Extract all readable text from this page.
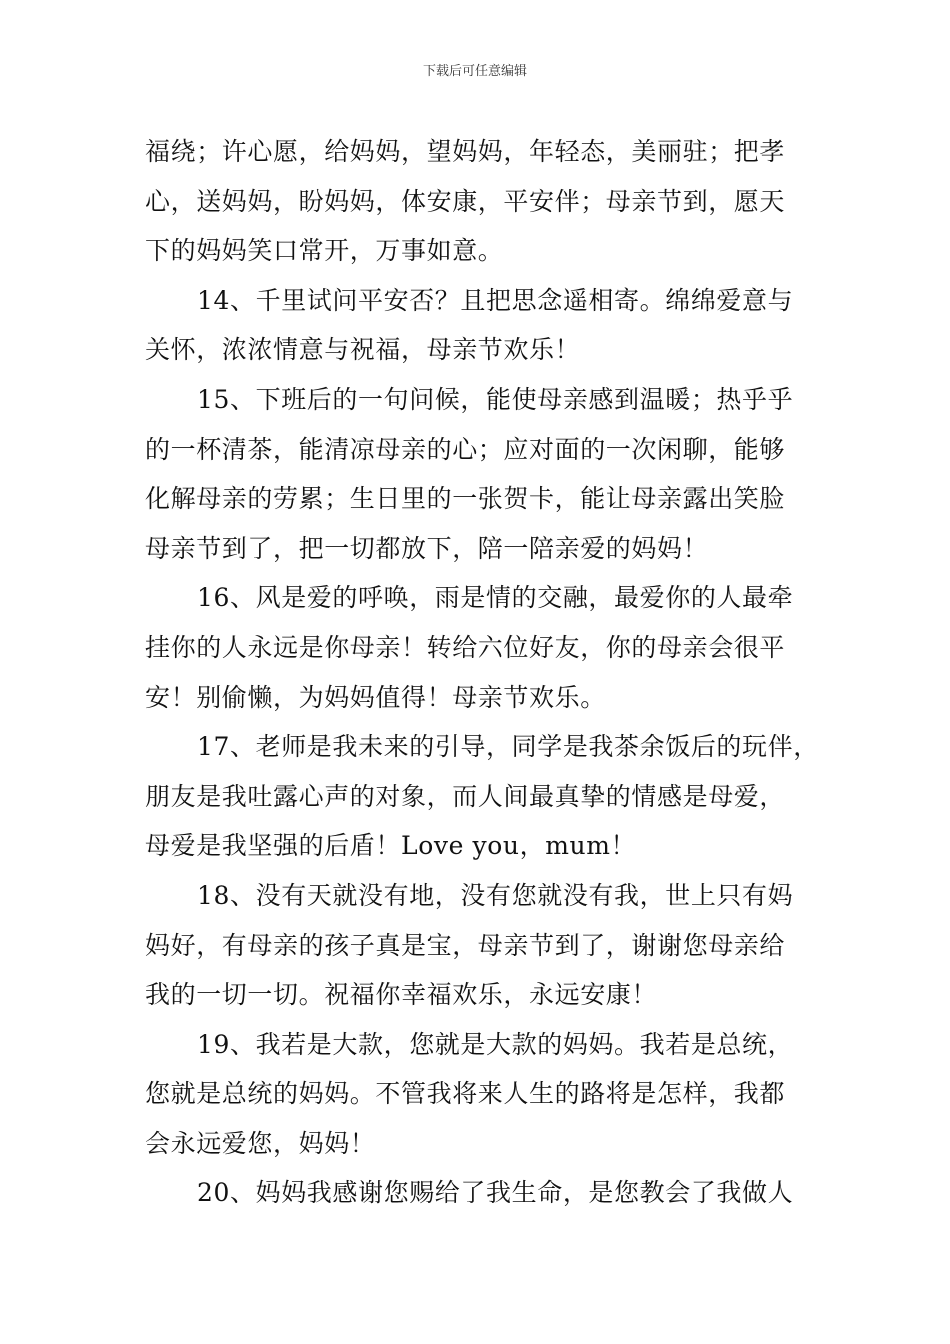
下载后可任意编辑
福绕；许心愿，给妈妈，望妈妈，年轻态，美丽驻；把孝
心，送妈妈，盼妈妈，体安康，平安伴；母亲节到，愿天
下的妈妈笑口常开，万事如意。
14、千里试问平安否？且把思念遥相寄。绵绵爱意与
关怀，浓浓情意与祝福，母亲节欢乐！
15、下班后的一句问候，能使母亲感到温暖；热乎乎
的一杯清茶，能清凉母亲的心；应对面的一次闲聊，能够
化解母亲的劳累；生日里的一张贺卡，能让母亲露出笑脸
母亲节到了，把一切都放下，陪一陪亲爱的妈妈！
16、风是爱的呼唤，雨是情的交融，最爱你的人最牵
挂你的人永远是你母亲！转给六位好友，你的母亲会很平
安！别偷懒，为妈妈值得！母亲节欢乐。
17、老师是我未来的引导，同学是我茶余饭后的玩伴，
朋友是我吐露心声的对象，而人间最真挚的情感是母爱，
母爱是我坚强的后盾！Love you，mum！
18、没有天就没有地，没有您就没有我，世上只有妈
妈好，有母亲的孩子真是宝，母亲节到了，谢谢您母亲给
我的一切一切。祝福你幸福欢乐，永远安康！
19、我若是大款，您就是大款的妈妈。我若是总统，
您就是总统的妈妈。不管我将来人生的路将是怎样，我都
会永远爱您，妈妈！
20、妈妈我感谢您赐给了我生命，是您教会了我做人
